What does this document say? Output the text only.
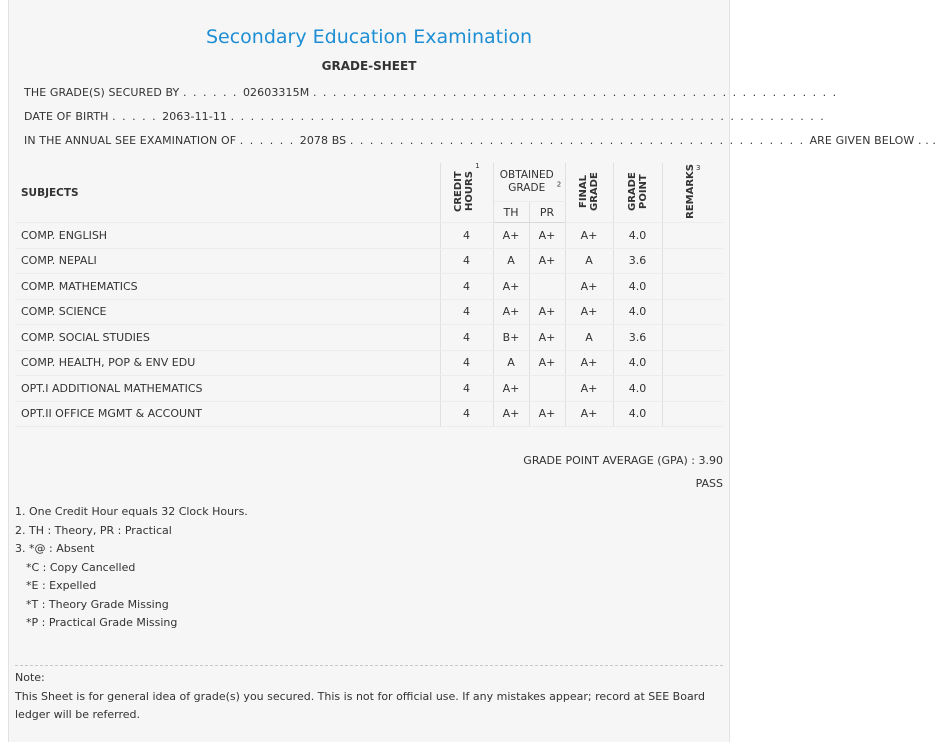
Secondary Education Examination
GRADE-SHEET
THE GRADE(S) SECURED BY . . . . . . 02603315M . . . . . . . . . . . . . . . . . . . . . . . . . . . . . . . . . . . . . . . . . . . . . . . . . . . . .
DATE OF BIRTH . . . . . 2063-11-11 . . . . . . . . . . . . . . . . . . . . . . . . . . . . . . . . . . . . . . . . . . . . . . . . . . . . . . . . . . . .
IN THE ANNUAL SEE EXAMINATION OF . . . . . . 2078 BS . . . . . . . . . . . . . . . . . . . . . . . . . . . . . . . . . . . . . . . . . . . . . . ARE GIVEN BELOW . . .
SUBJECTS	CREDIT HOURS$^1$	OBTAINED GRADE $^2$		FINAL GRADE	GRADE POINT	REMARKS$^3$
		TH	PR			
COMP. ENGLISH	4	A+	A+	A+	4.0	
COMP. NEPALI	4	A	A+	A	3.6	
COMP. MATHEMATICS	4	A+		A+	4.0	
COMP. SCIENCE	4	A+	A+	A+	4.0	
COMP. SOCIAL STUDIES	4	B+	A+	A	3.6	
COMP. HEALTH, POP & ENV EDU	4	A	A+	A+	4.0	
OPT.I ADDITIONAL MATHEMATICS	4	A+		A+	4.0	
OPT.II OFFICE MGMT & ACCOUNT	4	A+	A+	A+	4.0	
GRADE POINT AVERAGE (GPA) : 3.90
PASS
1. One Credit Hour equals 32 Clock Hours.
2. TH : Theory, PR : Practical
3. *@ : Absent
*C : Copy Cancelled
*E : Expelled
*T : Theory Grade Missing
*P : Practical Grade Missing
Note:
This Sheet is for general idea of grade(s) you secured. This is not for official use. If any mistakes appear; record at SEE Board ledger will be referred.
